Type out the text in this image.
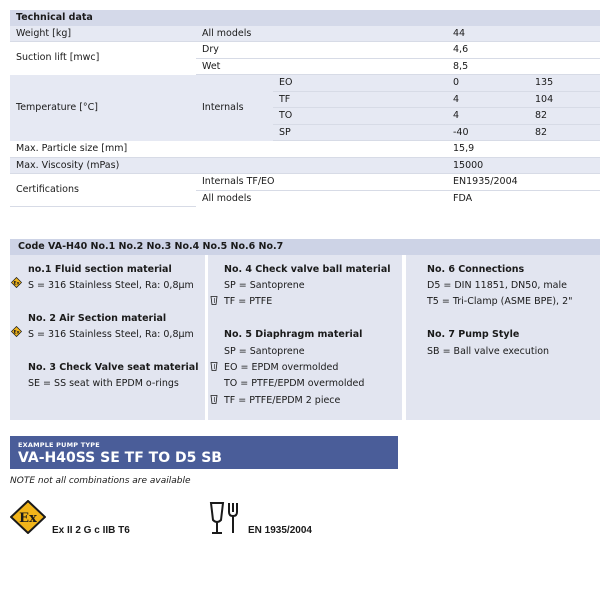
Technical data
Weight [kg]	All models	44
Suction lift [mwc]
Dry	4,6
Wet	8,5
Temperature [°C]	Internals
EO	0	135
TF	4	104
TO	4	82
SP	-40	82
Max. Particle size [mm]	15,9
Max. Viscosity (mPas)	15000
Certifications
Internals TF/EO	EN1935/2004
All models	FDA
Code VA-H40 No.1 No.2 No.3 No.4 No.5 No.6 No.7
no.1 Fluid section material
Ex S = 316 Stainless Steel, Ra: 0,8µm
No. 2 Air Section material
Ex S = 316 Stainless Steel, Ra: 0,8µm
No. 3 Check Valve seat material
SE = SS seat with EPDM o-rings
No. 4 Check valve ball material
SP = Santoprene
TF = PTFE
No. 5 Diaphragm material
SP = Santoprene
EO = EPDM overmolded
TO = PTFE/EPDM overmolded
TF = PTFE/EPDM 2 piece
No. 6 Connections
D5 = DIN 11851, DN50, male
T5 = Tri-Clamp (ASME BPE), 2"
No. 7 Pump Style
SB = Ball valve execution
EXAMPLE PUMP TYPE
VA-H40SS SE TF TO D5 SB
NOTE not all combinations are available
Ex
Ex II 2 G c IIB T6	EN 1935/2004
